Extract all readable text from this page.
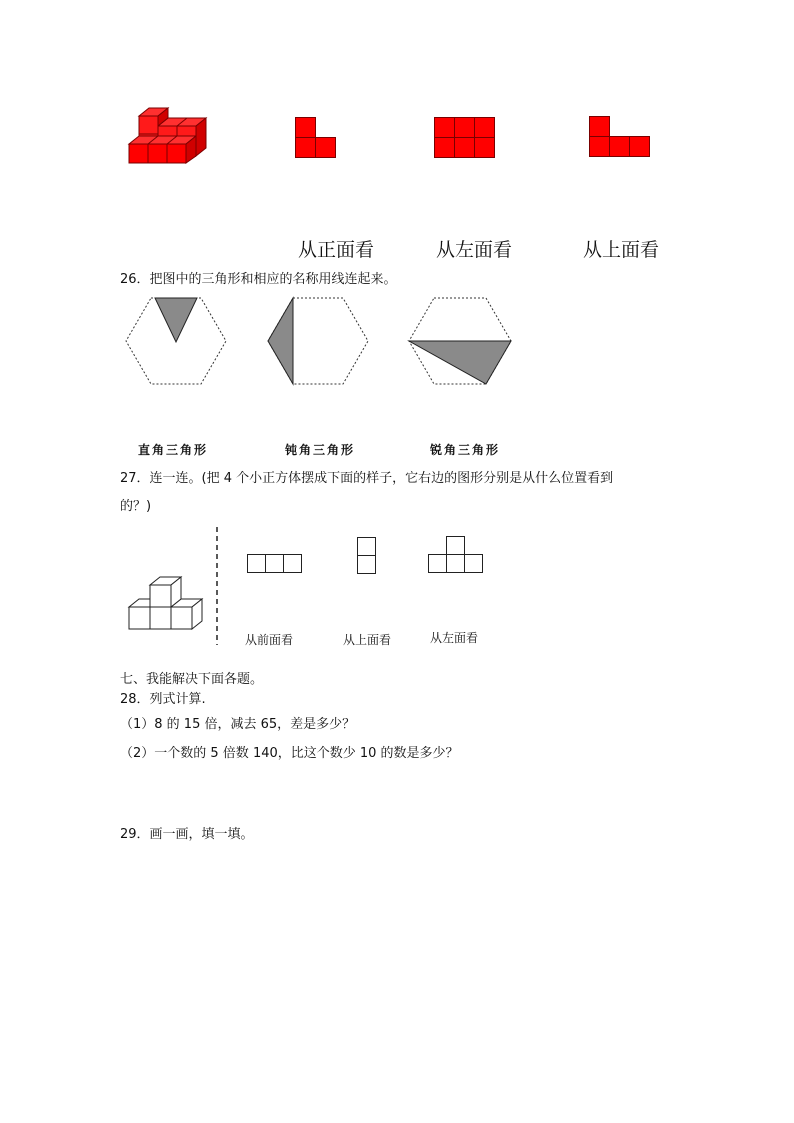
从正面看	从左面看	从上面看
26．把图中的三角形和相应的名称用线连起来。
直角三角形	钝角三角形	锐角三角形
27．连一连。(把 4 个小正方体摆成下面的样子，它右边的图形分别是从什么位置看到
的？)
从前面看	从上面看	从左面看
七、我能解决下面各题。
28．列式计算.
（1）8 的 15 倍，减去 65，差是多少？
（2）一个数的 5 倍数 140，比这个数少 10 的数是多少？
29．画一画，填一填。
